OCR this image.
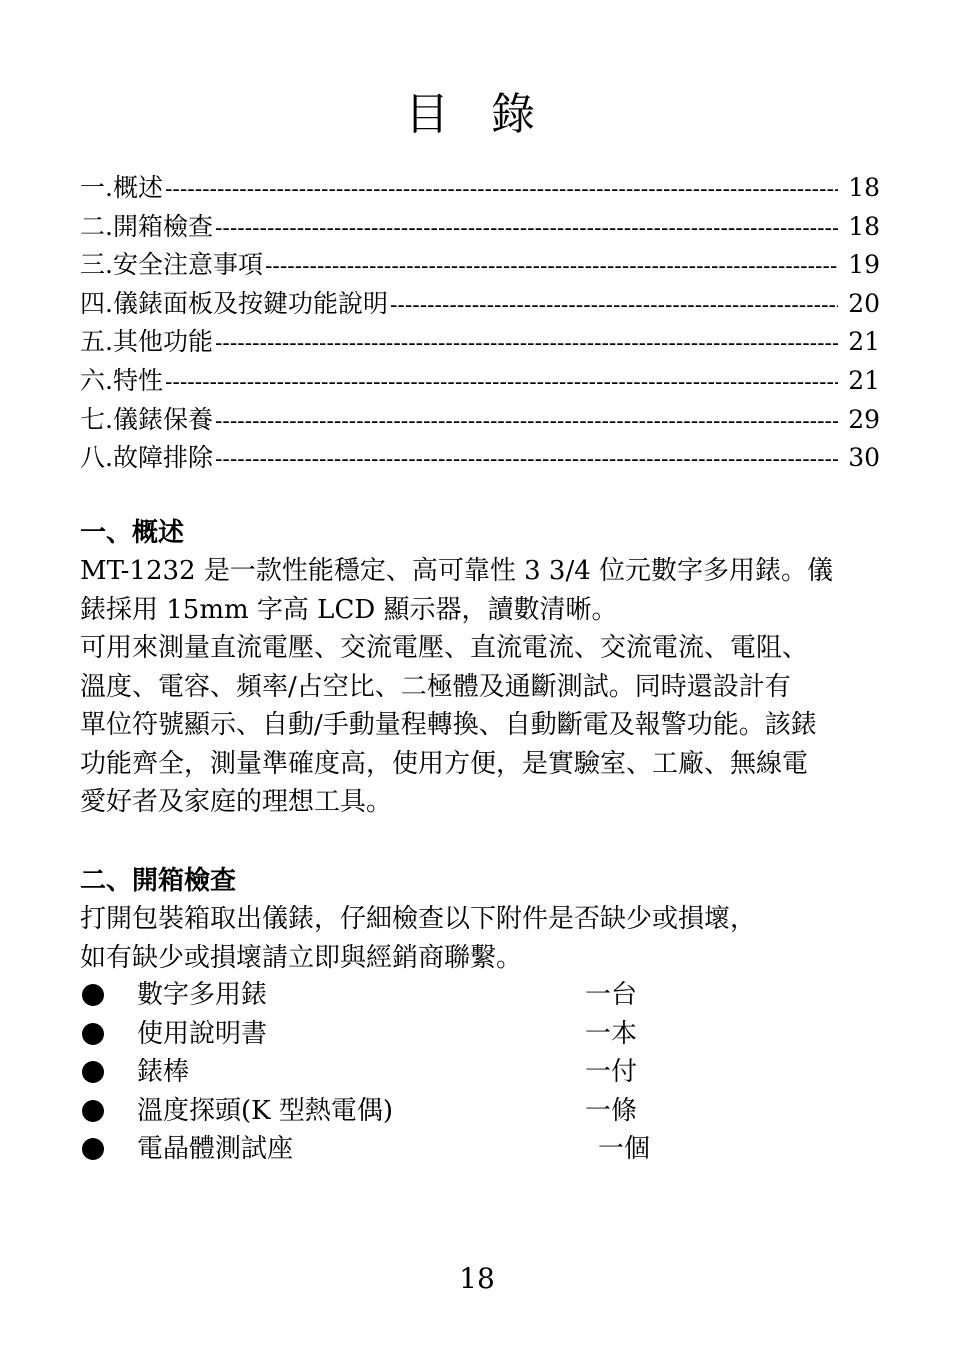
目 錄
一.概述 -----	18
二.開箱檢查 -----	18
三.安全注意事項 -----	19
四.儀錶面板及按鍵功能說明 -----	20
五.其他功能 -----	21
六.特性 -----	21
七.儀錶保養 -----	29
八.故障排除 -----	30
一、概述

MT-1232 是一款性能穩定、高可靠性 3 3/4 位元數字多用錶。儀

錶採用 15mm 字高 LCD 顯示器，讀數清晰。

可用來測量直流電壓、交流電壓、直流電流、交流電流、電阻、

溫度、電容、頻率/占空比、二極體及通斷測試。同時還設計有

單位符號顯示、自動/手動量程轉換、自動斷電及報警功能。該錶

功能齊全，測量準確度高，使用方便，是實驗室、工廠、無線電

愛好者及家庭的理想工具。

二、開箱檢查

打開包裝箱取出儀錶，仔細檢查以下附件是否缺少或損壞，

如有缺少或損壞請立即與經銷商聯繫。

數字多用錶	一台
使用說明書	一本
錶棒	一付
溫度探頭(K 型熱電偶)	一條
電晶體測試座	一個
18
